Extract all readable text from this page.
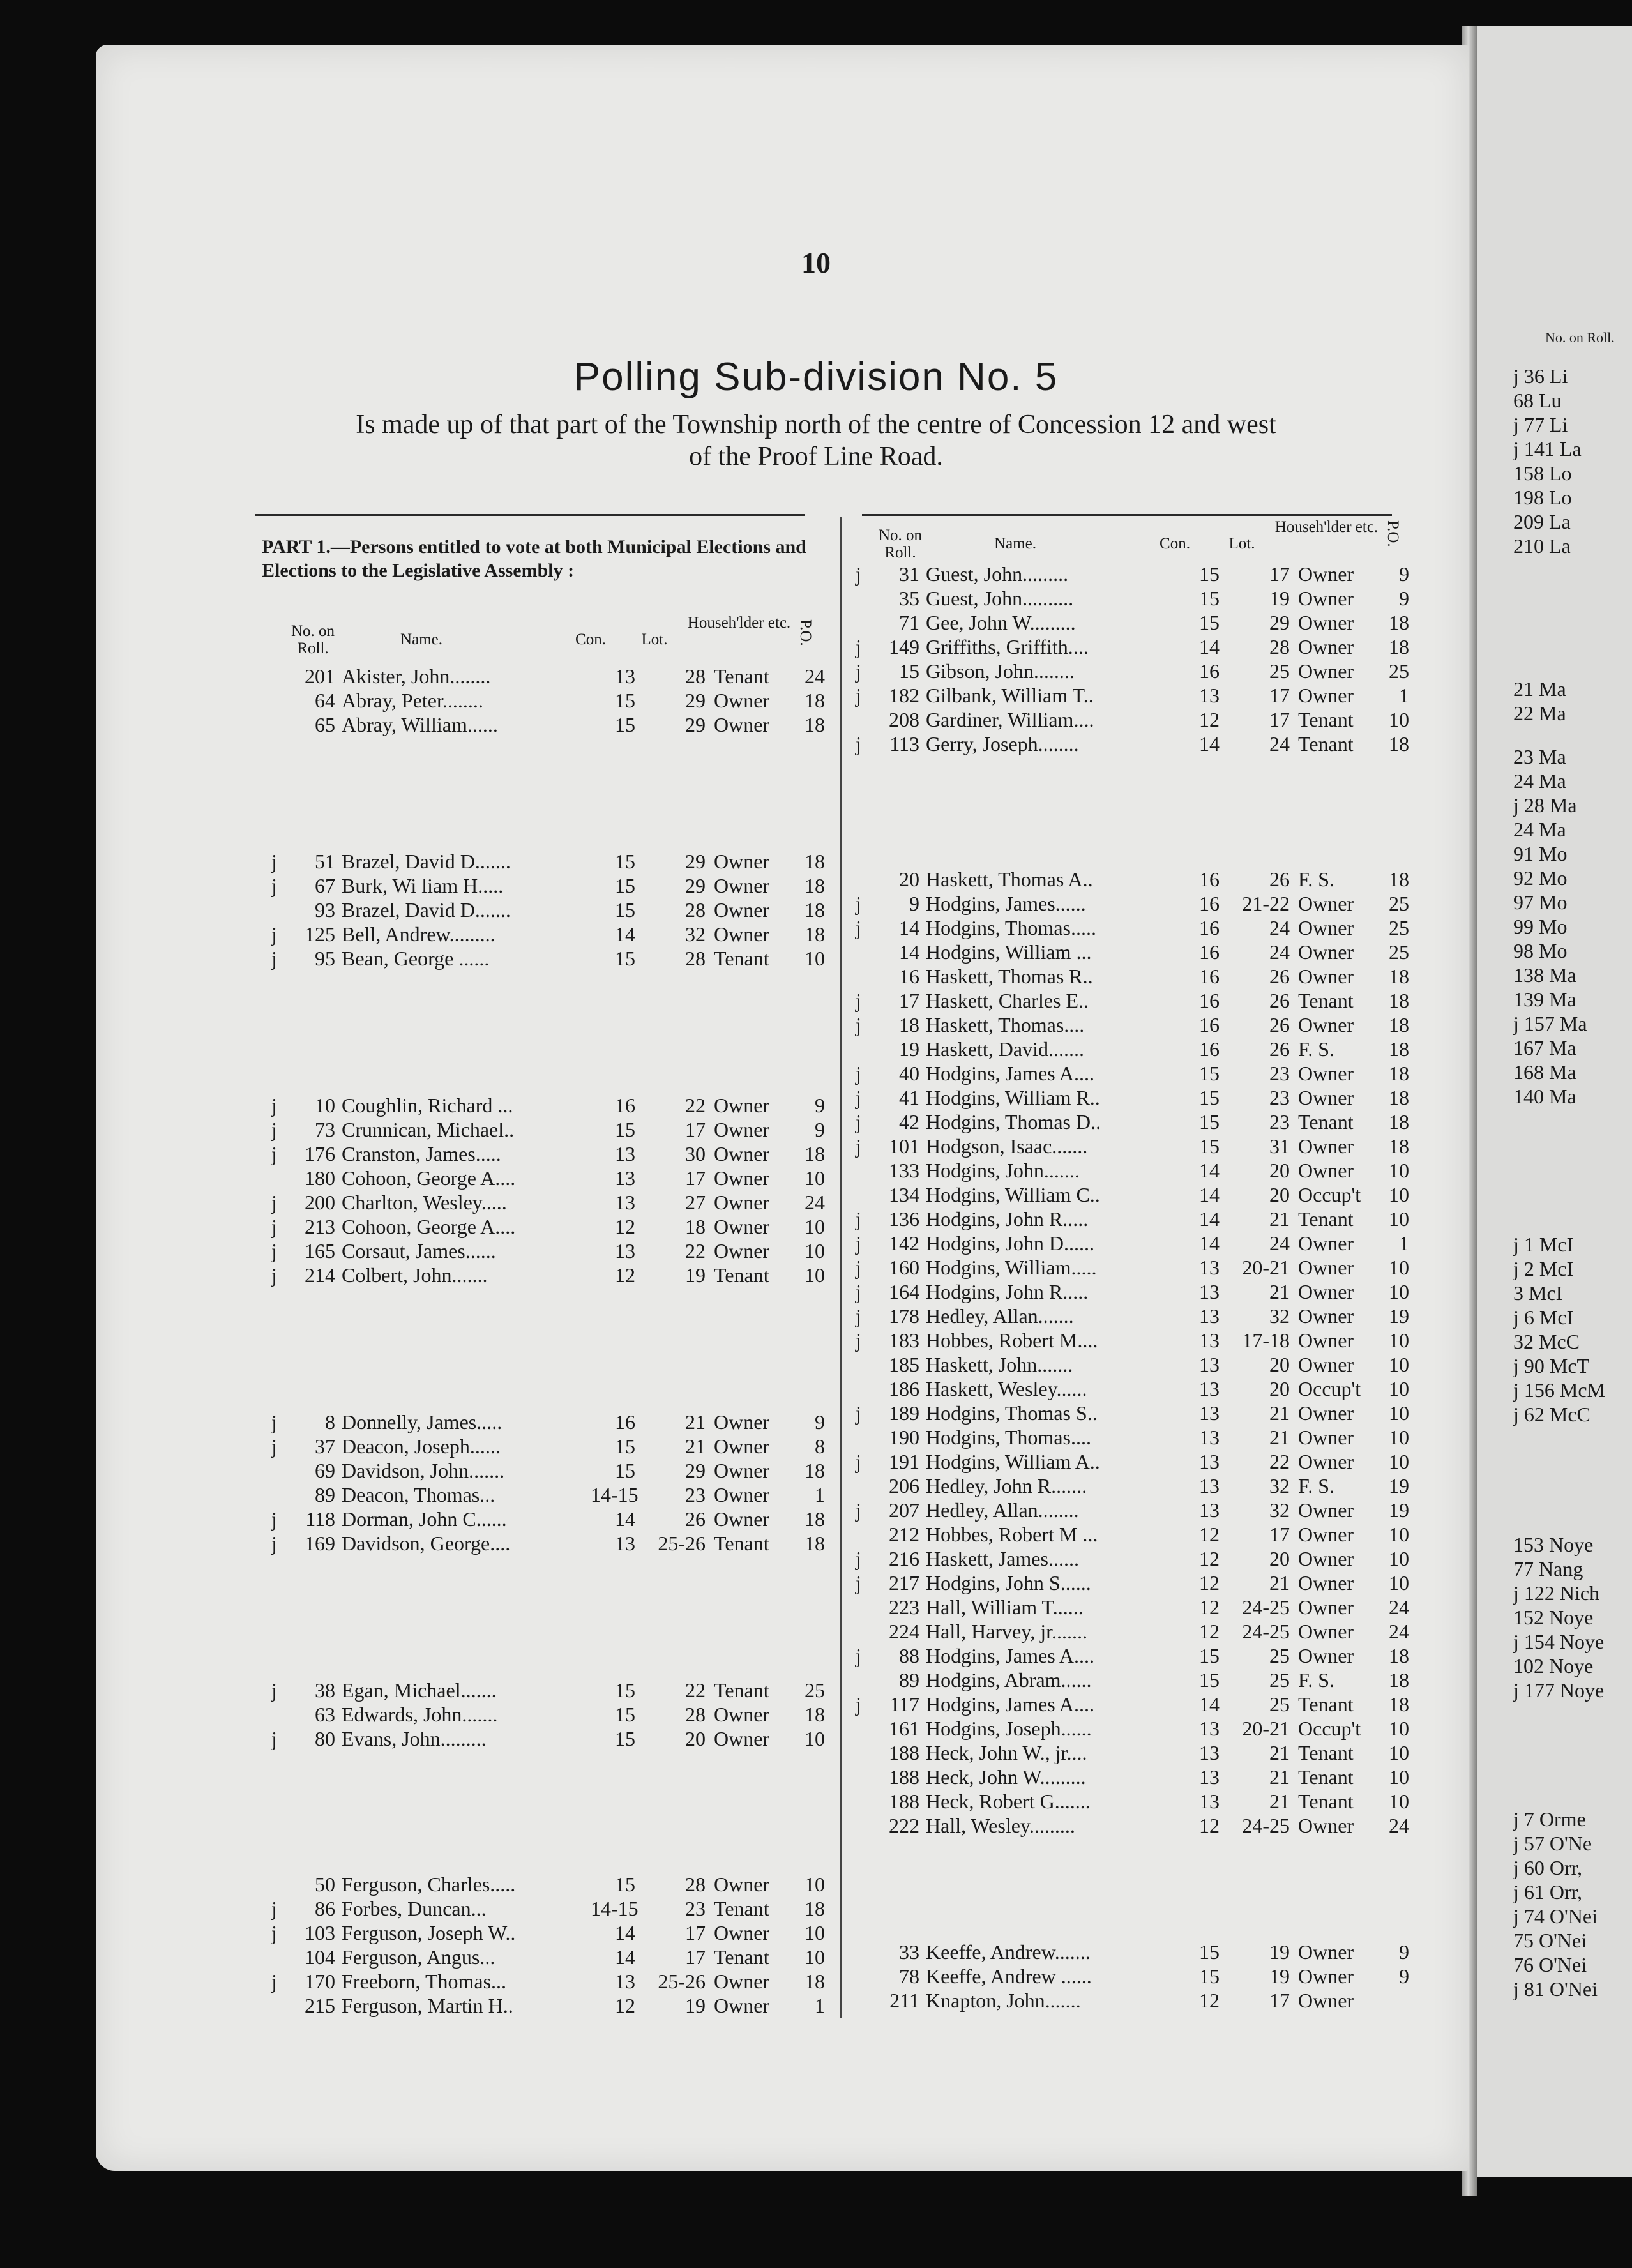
10
Polling Sub-division No. 5
Is made up of that part of the Township north of the centre of Concession 12 and west
of the Proof Line Road.
PART 1.—Persons entitled to vote at both Municipal Elections and Elections to the Legislative Assembly :
No. on Roll.
Name.	Con.	Lot.
Househ'lder etc. P.O.
No. on Roll.
Name.	Con.	Lot.
Househ'lder etc. P.O.
201 Akister, John........	13	28 Tenant	24
64 Abray, Peter........	15	29 Owner	18
65 Abray, William......	15	29 Owner	18
j	51 Brazel, David D.......	15	29 Owner	18
j	67 Burk, Wi liam H.....	15	29 Owner	18
93 Brazel, David D.......	15	28 Owner	18
j	125 Bell, Andrew.........	14	32 Owner	18
j	95 Bean, George ......	15	28 Tenant	10
j	10 Coughlin, Richard ...	16	22 Owner	9
j	73 Crunnican, Michael..	15	17 Owner	9
j	176 Cranston, James.....	13	30 Owner	18
180 Cohoon, George A....	13	17 Owner	10
j	200 Charlton, Wesley.....	13	27 Owner	24
j	213 Cohoon, George A....	12	18 Owner	10
j	165 Corsaut, James......	13	22 Owner	10
j	214 Colbert, John.......	12	19 Tenant	10
j	8 Donnelly, James.....	16	21 Owner	9
j	37 Deacon, Joseph......	15	21 Owner	8
69 Davidson, John.......	15	29 Owner	18
89 Deacon, Thomas...	14-15	23 Owner	1
j	118 Dorman, John C......	14	26 Owner	18
j	169 Davidson, George....	13	25-26 Tenant	18
j	38 Egan, Michael.......	15	22 Tenant	25
63 Edwards, John.......	15	28 Owner	18
j	80 Evans, John.........	15	20 Owner	10
50 Ferguson, Charles.....	15	28 Owner	10
j	86 Forbes, Duncan...	14-15	23 Tenant	18
j	103 Ferguson, Joseph W..	14	17 Owner	10
104 Ferguson, Angus...	14	17 Tenant	10
j	170 Freeborn, Thomas...	13	25-26 Owner	18
215 Ferguson, Martin H..	12	19 Owner	1
j	31 Guest, John.........	15	17 Owner	9
35 Guest, John..........	15	19 Owner	9
71 Gee, John W.........	15	29 Owner	18
j	149 Griffiths, Griffith....	14	28 Owner	18
j	15 Gibson, John........	16	25 Owner	25
j	182 Gilbank, William T..	13	17 Owner	1
208 Gardiner, William....	12	17 Tenant	10
j	113 Gerry, Joseph........	14	24 Tenant	18
20 Haskett, Thomas A..	16	26 F. S.	18
j	9 Hodgins, James......	16	21-22 Owner	25
j	14 Hodgins, Thomas.....	16	24 Owner	25
14 Hodgins, William ...	16	24 Owner	25
16 Haskett, Thomas R..	16	26 Owner	18
j	17 Haskett, Charles E..	16	26 Tenant	18
j	18 Haskett, Thomas....	16	26 Owner	18
19 Haskett, David.......	16	26 F. S.	18
j	40 Hodgins, James A....	15	23 Owner	18
j	41 Hodgins, William R..	15	23 Owner	18
j	42 Hodgins, Thomas D..	15	23 Tenant	18
j	101 Hodgson, Isaac.......	15	31 Owner	18
133 Hodgins, John.......	14	20 Owner	10
134 Hodgins, William C..	14	20 Occup't	10
j	136 Hodgins, John R.....	14	21 Tenant	10
j	142 Hodgins, John D......	14	24 Owner	1
j	160 Hodgins, William.....	13	20-21 Owner	10
j	164 Hodgins, John R.....	13	21 Owner	10
j	178 Hedley, Allan.......	13	32 Owner	19
j	183 Hobbes, Robert M....	13	17-18 Owner	10
185 Haskett, John.......	13	20 Owner	10
186 Haskett, Wesley......	13	20 Occup't	10
j	189 Hodgins, Thomas S..	13	21 Owner	10
190 Hodgins, Thomas....	13	21 Owner	10
j	191 Hodgins, William A..	13	22 Owner	10
206 Hedley, John R.......	13	32 F. S.	19
j	207 Hedley, Allan........	13	32 Owner	19
212 Hobbes, Robert M ...	12	17 Owner	10
j	216 Haskett, James......	12	20 Owner	10
j	217 Hodgins, John S......	12	21 Owner	10
223 Hall, William T......	12	24-25 Owner	24
224 Hall, Harvey, jr.......	12	24-25 Owner	24
j	88 Hodgins, James A....	15	25 Owner	18
89 Hodgins, Abram......	15	25 F. S.	18
j	117 Hodgins, James A....	14	25 Tenant	18
161 Hodgins, Joseph......	13	20-21 Occup't	10
188 Heck, John W., jr....	13	21 Tenant	10
188 Heck, John W.........	13	21 Tenant	10
188 Heck, Robert G.......	13	21 Tenant	10
222 Hall, Wesley.........	12	24-25 Owner	24
33 Keeffe, Andrew.......	15	19 Owner	9
78 Keeffe, Andrew ......	15	19 Owner	9
211 Knapton, John.......	12	17 Owner
No. on Roll.
j 36 Li
68 Lu
j 77 Li
j 141 La
158 Lo
198 Lo
209 La
210 La
21 Ma
22 Ma
23 Ma
24 Ma
j 28 Ma
24 Ma
91 Mo
92 Mo
97 Mo
99 Mo
98 Mo
138 Ma
139 Ma
j 157 Ma
167 Ma
168 Ma
140 Ma
j 1 McI
j 2 McI
3 McI
j 6 McI
32 McC
j 90 McT
j 156 McM
j 62 McC
153 Noye
77 Nang
j 122 Nich
152 Noye
j 154 Noye
102 Noye
j 177 Noye
j 7 Orme
j 57 O'Ne
j 60 Orr,
j 61 Orr,
j 74 O'Nei
75 O'Nei
76 O'Nei
j 81 O'Nei
